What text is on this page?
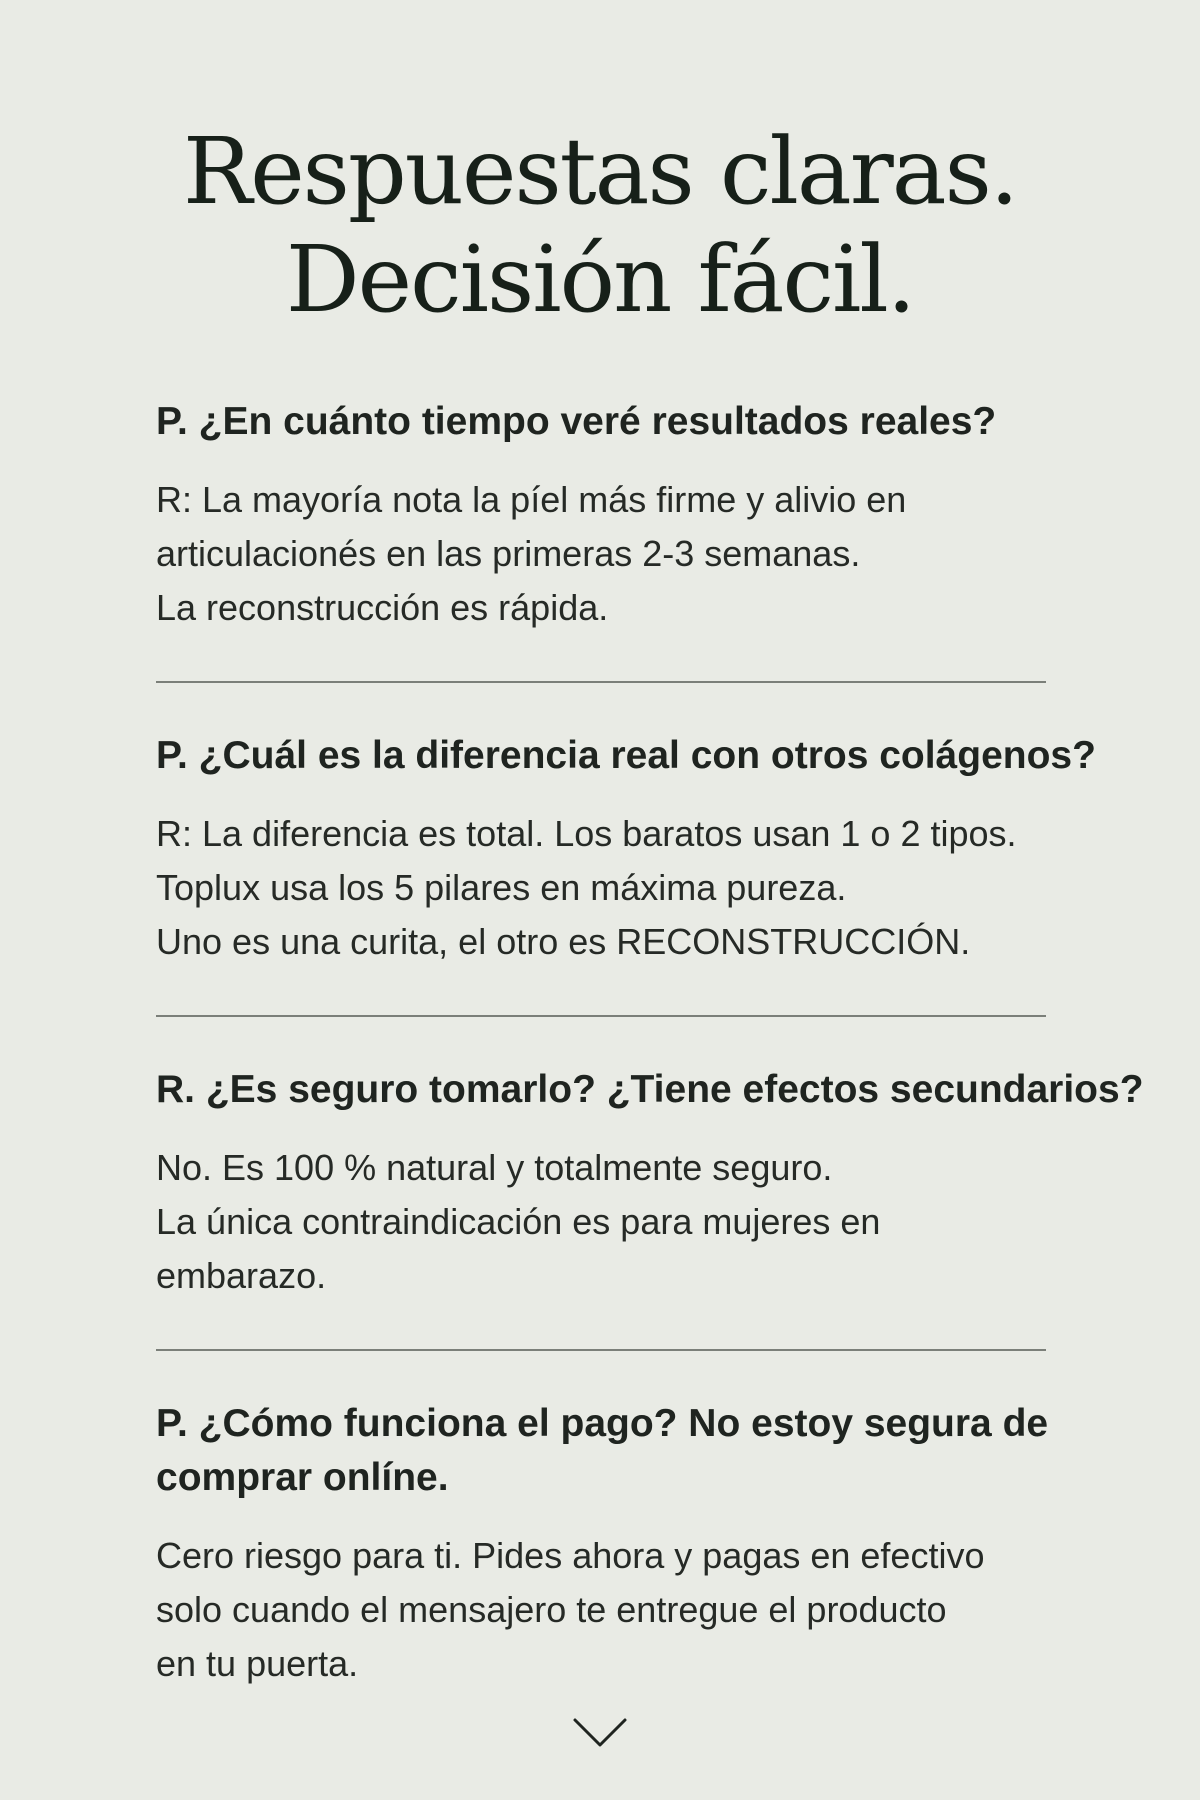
Respuestas claras.
Decisión fácil.

P. ¿En cuánto tiempo veré resultados reales?

R: La mayoría nota la píel más firme y alivio en
articulacionés en las primeras 2-3 semanas.
La reconstrucción es rápida.

P. ¿Cuál es la diferencia real con otros colágenos?

R: La diferencia es total. Los baratos usan 1 o 2 tipos.
Toplux usa los 5 pilares en máxima pureza.
Uno es una curita, el otro es RECONSTRUCCIÓN.

R. ¿Es seguro tomarlo? ¿Tiene efectos secundarios?

No. Es 100 % natural y totalmente seguro.
La única contraindicación es para mujeres en
embarazo.

P. ¿Cómo funciona el pago? No estoy segura de comprar onlíne.

Cero riesgo para ti. Pides ahora y pagas en efectivo
solo cuando el mensajero te entregue el producto
en tu puerta.
